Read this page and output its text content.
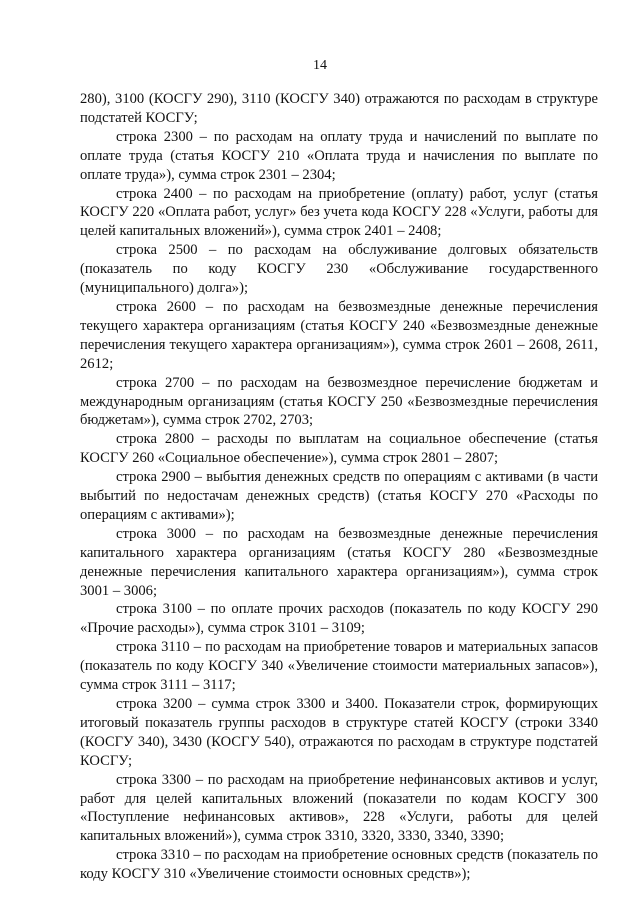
14

280), 3100 (КОСГУ 290), 3110 (КОСГУ 340) отражаются по расходам в структуре подстатей КОСГУ;

строка 2300 – по расходам на оплату труда и начислений по выплате по оплате труда (статья КОСГУ 210 «Оплата труда и начисления по выплате по оплате труда»), сумма строк 2301 – 2304;

строка 2400 – по расходам на приобретение (оплату) работ, услуг (статья КОСГУ 220 «Оплата работ, услуг» без учета кода КОСГУ 228 «Услуги, работы для целей капитальных вложений»), сумма строк 2401 – 2408;

строка 2500 – по расходам на обслуживание долговых обязательств (показатель по коду КОСГУ 230 «Обслуживание государственного (муниципального) долга»);

строка 2600 – по расходам на безвозмездные денежные перечисления текущего характера организациям (статья КОСГУ 240 «Безвозмездные денежные перечисления текущего характера организациям»), сумма строк 2601 – 2608, 2611, 2612;

строка 2700 – по расходам на безвозмездное перечисление бюджетам и международным организациям (статья КОСГУ 250 «Безвозмездные перечисления бюджетам»), сумма строк 2702, 2703;

строка 2800 – расходы по выплатам на социальное обеспечение (статья КОСГУ 260 «Социальное обеспечение»), сумма строк 2801 – 2807;

строка 2900 – выбытия денежных средств по операциям с активами (в части выбытий по недостачам денежных средств) (статья КОСГУ 270 «Расходы по операциям с активами»);

строка 3000 – по расходам на безвозмездные денежные перечисления капитального характера организациям (статья КОСГУ 280 «Безвозмездные денежные перечисления капитального характера организациям»), сумма строк 3001 – 3006;

строка 3100 – по оплате прочих расходов (показатель по коду КОСГУ 290 «Прочие расходы»), сумма строк 3101 – 3109;

строка 3110 – по расходам на приобретение товаров и материальных запасов (показатель по коду КОСГУ 340 «Увеличение стоимости материальных запасов»), сумма строк 3111 – 3117;

строка 3200 – сумма строк 3300 и 3400. Показатели строк, формирующих итоговый показатель группы расходов в структуре статей КОСГУ (строки 3340 (КОСГУ 340), 3430 (КОСГУ 540), отражаются по расходам в структуре подстатей КОСГУ;

строка 3300 – по расходам на приобретение нефинансовых активов и услуг, работ для целей капитальных вложений (показатели по кодам КОСГУ 300 «Поступление нефинансовых активов», 228 «Услуги, работы для целей капитальных вложений»), сумма строк 3310, 3320, 3330, 3340, 3390;

строка 3310 – по расходам на приобретение основных средств (показатель по коду КОСГУ 310 «Увеличение стоимости основных средств»);
